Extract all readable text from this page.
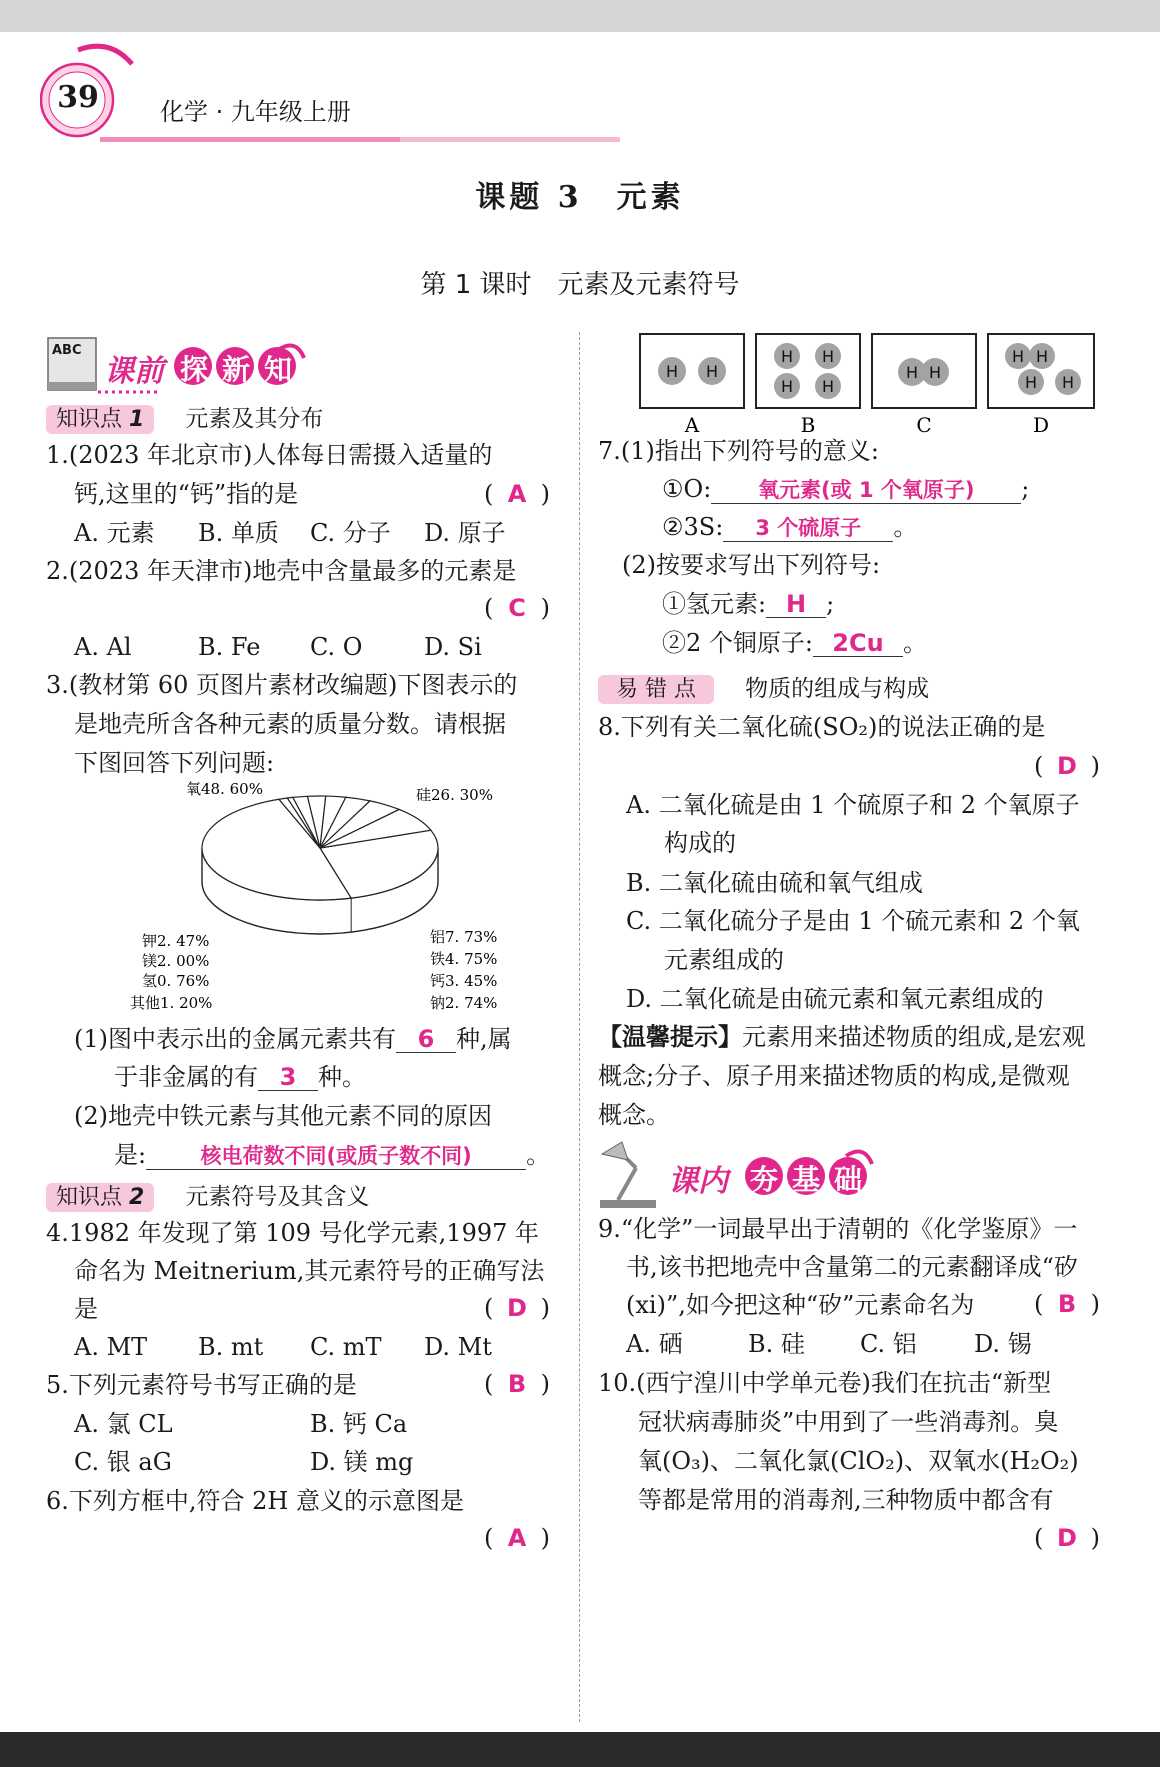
39	化学 · 九年级上册
课题 3　元素
第 1 课时　元素及元素符号
ABC
课前 探 新 知
知识点 1 元素及其分布
1.(2023 年北京市)人体每日需摄入适量的
钙,这里的“钙”指的是	( A )
A. 元素 B. 单质 C. 分子 D. 原子
2.(2023 年天津市)地壳中含量最多的元素是
( C )
A. Al	B. Fe C. O	D. Si
3.(教材第 60 页图片素材改编题)下图表示的
是地壳所含各种元素的质量分数。请根据
下图回答下列问题:
氧48. 60%	硅26. 30%
铝7. 73%
铁4. 75%
钙3. 45%
钠2. 74%
钾2. 47%
镁2. 00%
氢0. 76%
其他1. 20%
(1)图中表示出的金属元素共有 6 种,属
于非金属的有 3 种。
(2)地壳中铁元素与其他元素不同的原因
是:	核电荷数不同(或质子数不同) 。
知识点 2 元素符号及其含义
4.1982 年发现了第 109 号化学元素,1997 年
命名为 Meitnerium,其元素符号的正确写法
是	( D )
A. MT B. mt C. mT D. Mt
5.下列元素符号书写正确的是	( B )
A. 氯 CL	B. 钙 Ca
C. 银 aG	D. 镁 mg
6.下列方框中,符合 2H 意义的示意图是
( A )
H H
A
H H
H H
B
H H
C
H H
H H
D
7.(1)指出下列符号的意义:
①O: 氧元素(或 1 个氧原子) ;
②3S: 3 个硫原子 。
(2)按要求写出下列符号:
①氢元素: H ;
②2 个铜原子: 2Cu 。
易 错 点 物质的组成与构成
8.下列有关二氧化硫(SO₂)的说法正确的是
( D )
A. 二氧化硫是由 1 个硫原子和 2 个氧原子
构成的
B. 二氧化硫由硫和氧气组成
C. 二氧化硫分子是由 1 个硫元素和 2 个氧
元素组成的
D. 二氧化硫是由硫元素和氧元素组成的
【温馨提示】元素用来描述物质的组成,是宏观
概念;分子、原子用来描述物质的构成,是微观
概念。
课内 夯 基 础
9.“化学”一词最早出于清朝的《化学鉴原》一
书,该书把地壳中含量第二的元素翻译成“矽
(xi)”,如今把这种“矽”元素命名为 ( B )
A. 硒	B. 硅 C. 铝 D. 锡
10.(西宁湟川中学单元卷)我们在抗击“新型
冠状病毒肺炎”中用到了一些消毒剂。臭
氧(O₃)、二氧化氯(ClO₂)、双氧水(H₂O₂)
等都是常用的消毒剂,三种物质中都含有
( D )
